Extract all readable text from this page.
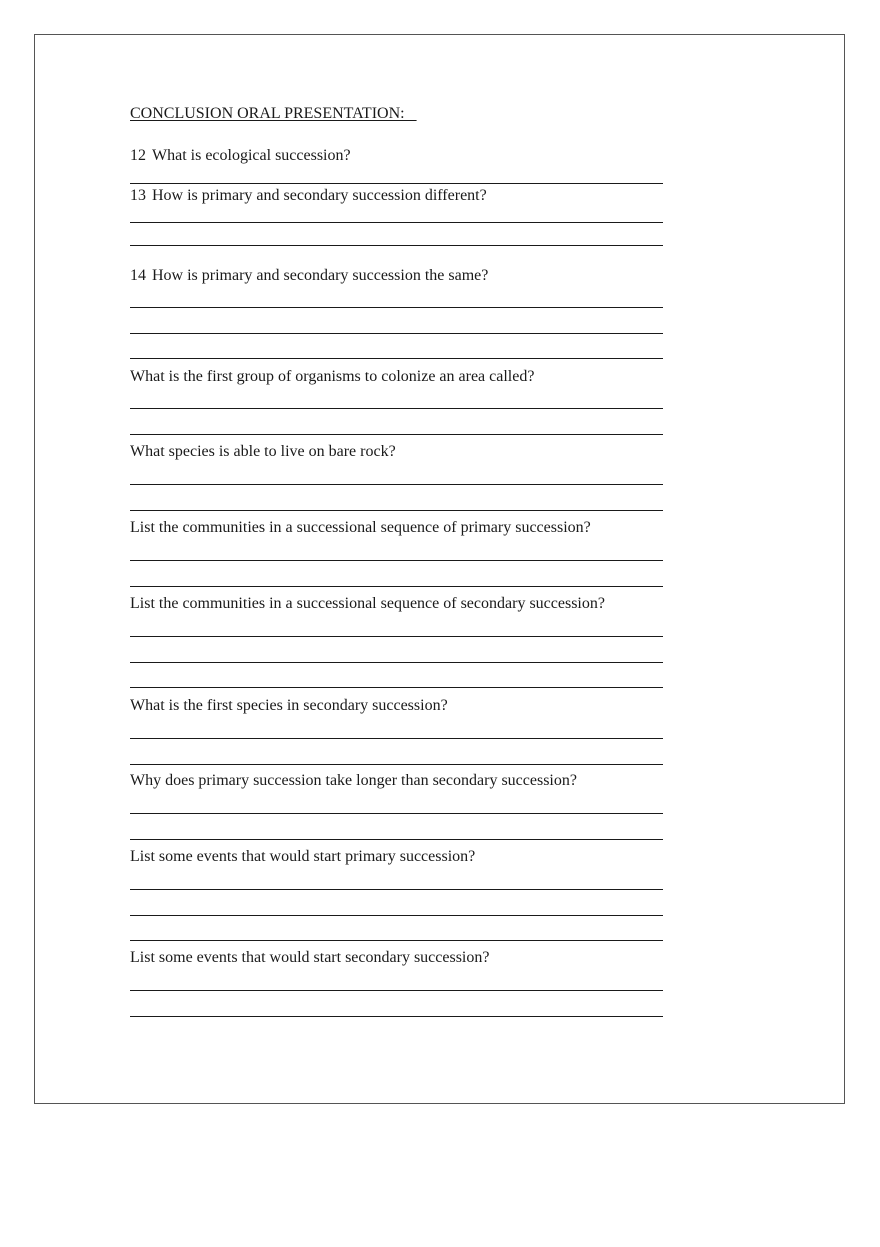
CONCLUSION ORAL PRESENTATION:
12 What is ecological succession?
13 How is primary and secondary succession different?
14 How is primary and secondary succession the same?
What is the first group of organisms to colonize an area called?
What species is able to live on bare rock?
List the communities in a successional sequence of primary succession?
List the communities in a successional sequence of secondary succession?
What is the first species in secondary succession?
Why does primary succession take longer than secondary succession?
List some events that would start primary succession?
List some events that would start secondary succession?
